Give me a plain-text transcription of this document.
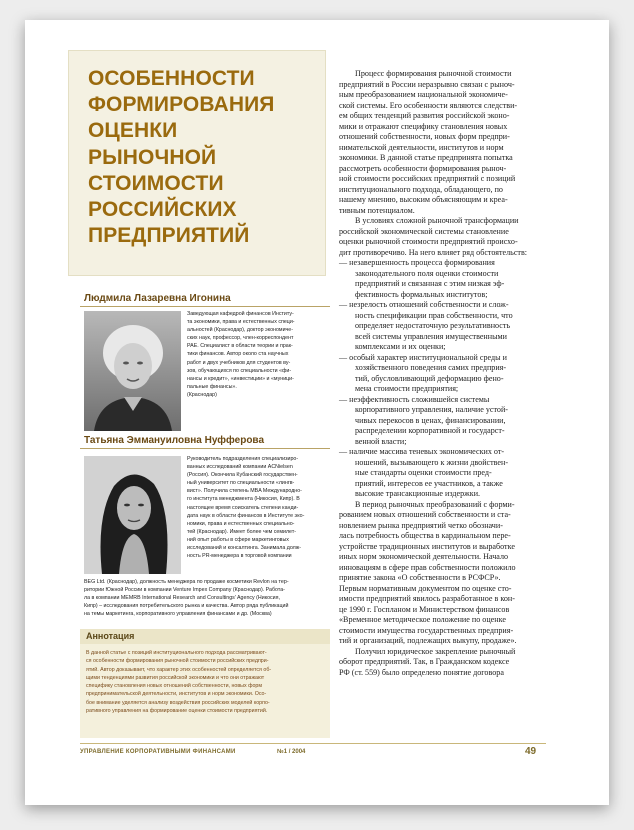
ОСОБЕННОСТИ
ФОРМИРОВАНИЯ
ОЦЕНКИ
РЫНОЧНОЙ
СТОИМОСТИ
РОССИЙСКИХ
ПРЕДПРИЯТИЙ
Людмила Лазаревна Игонина
Заведующая кафедрой финансов Институ-
та экономики, права и естественных специ-
альностей (Краснодар), доктор экономиче-
ских наук, профессор, член-корреспондент
РАЕ. Специалист в области теории и прак-
тики финансов. Автор около ста научных
работ и двух учебников для студентов ву-
зов, обучающихся по специальности «фи-
нансы и кредит», «инвестиции» и «муници-
пальные финансы».
(Краснодар)
Татьяна Эммануиловна Нуфферова
Руководитель подразделения специализиро-
ванных исследований компании ACNielsen
(Россия). Окончила Кубанский государствен-
ный университет по специальности «лингв-
вист». Получила степень MBA Международно-
го института менеджмента (Никосия, Кипр). В
настоящее время соискатель степени канди-
дата наук в области финансов в Институте эко-
номики, права и естественных специально-
тей (Краснодар). Имеет более чем семилет-
ний опыт работы в сфере маркетинговых
исследований и консалтинга. Занимала долж-
ность PR-менеджера в торговой компании
BEG Ltd. (Краснодар), должность менеджера по продаже косметики Revlon на тер-
ритории Южной России в компании Venture Impex Company (Краснодар). Работа-
ла в компании MEMRB International Research and Consultings' Agency (Никосия,
Кипр) – исследования потребительского рынка и качества. Автор ряда публикаций
на темы маркетинга, корпоративного управления финансами и др. (Москва)
Аннотация
В данной статье с позиций институционального подхода рассматривают-
ся особенности формирования рыночной стоимости российских предпри-
ятий. Автор доказывает, что характер этих особенностей определяется об-
щими тенденциями развития российской экономики и что они отражают
специфику становления новых отношений собственности, новых форм
предпринимательской деятельности, институтов и норм экономики. Осо-
бое внимание уделяется анализу воздействия российских моделей корпо-
ративного управления на формирование оценки стоимости предприятий.
Процесс формирования рыночной стоимости
предприятий в России неразрывно связан с рыноч-
ным преобразованием национальной экономиче-
ской системы. Его особенности являются следстви-
ем общих тенденций развития российской эконо-
мики и отражают специфику становления новых
отношений собственности, новых форм предпри-
нимательской деятельности, институтов и норм
экономики. В данной статье предпринята попытка
рассмотреть особенности формирования рыноч-
ной стоимости российских предприятий с позиций
институционального подхода, обладающего, по
нашему мнению, высоким объясняющим и креа-
тивным потенциалом.
В условиях сложной рыночной трансформации
российской экономической системы становление
оценки рыночной стоимости предприятий происхо-
дит противоречиво. На него влияет ряд обстоятельств:
— незавершенность процесса формирования
законодательного поля оценки стоимости
предприятий и связанная с этим низкая эф-
фективность формальных институтов;
— незрелость отношений собственности и слож-
ность спецификации прав собственности, что
определяет недостаточную результативность
всей системы управления имущественными
комплексами и их оценки;
— особый характер институциональной среды и
хозяйственного поведения самих предприя-
тий, обусловливающий деформацию фено-
мена стоимости предприятия;
— неэффективность сложившейся системы
корпоративного управления, наличие устой-
чивых перекосов в ценах, финансировании,
распределении корпоративной и государст-
венной власти;
— наличие массива теневых экономических от-
ношений, вызывающего к жизни двойствен-
ные стандарты оценки стоимости пред-
приятий, интересов ее участников, а также
высокие трансакционные издержки.
В период рыночных преобразований с форми-
рованием новых отношений собственности и ста-
новлением рынка предприятий четко обозначи-
лась потребность общества в кардинальном пере-
устройстве традиционных институтов и выработке
иных норм экономической деятельности. Начало
инновациям в сфере прав собственности положило
принятие закона «О собственности в РСФСР».
Первым нормативным документом по оценке сто-
имости предприятий явилось разработанное в кон-
це 1990 г. Госпланом и Министерством финансов
«Временное методическое положение по оценке
стоимости имущества государственных предприя-
тий и организаций, подлежащих выкупу, продаже».
Получил юридическое закрепление рыночный
оборот предприятий. Так, в Гражданском кодексе
РФ (ст. 559) было определено понятие договора
УПРАВЛЕНИЕ КОРПОРАТИВНЫМИ ФИНАНСАМИ	№1 / 2004	49
